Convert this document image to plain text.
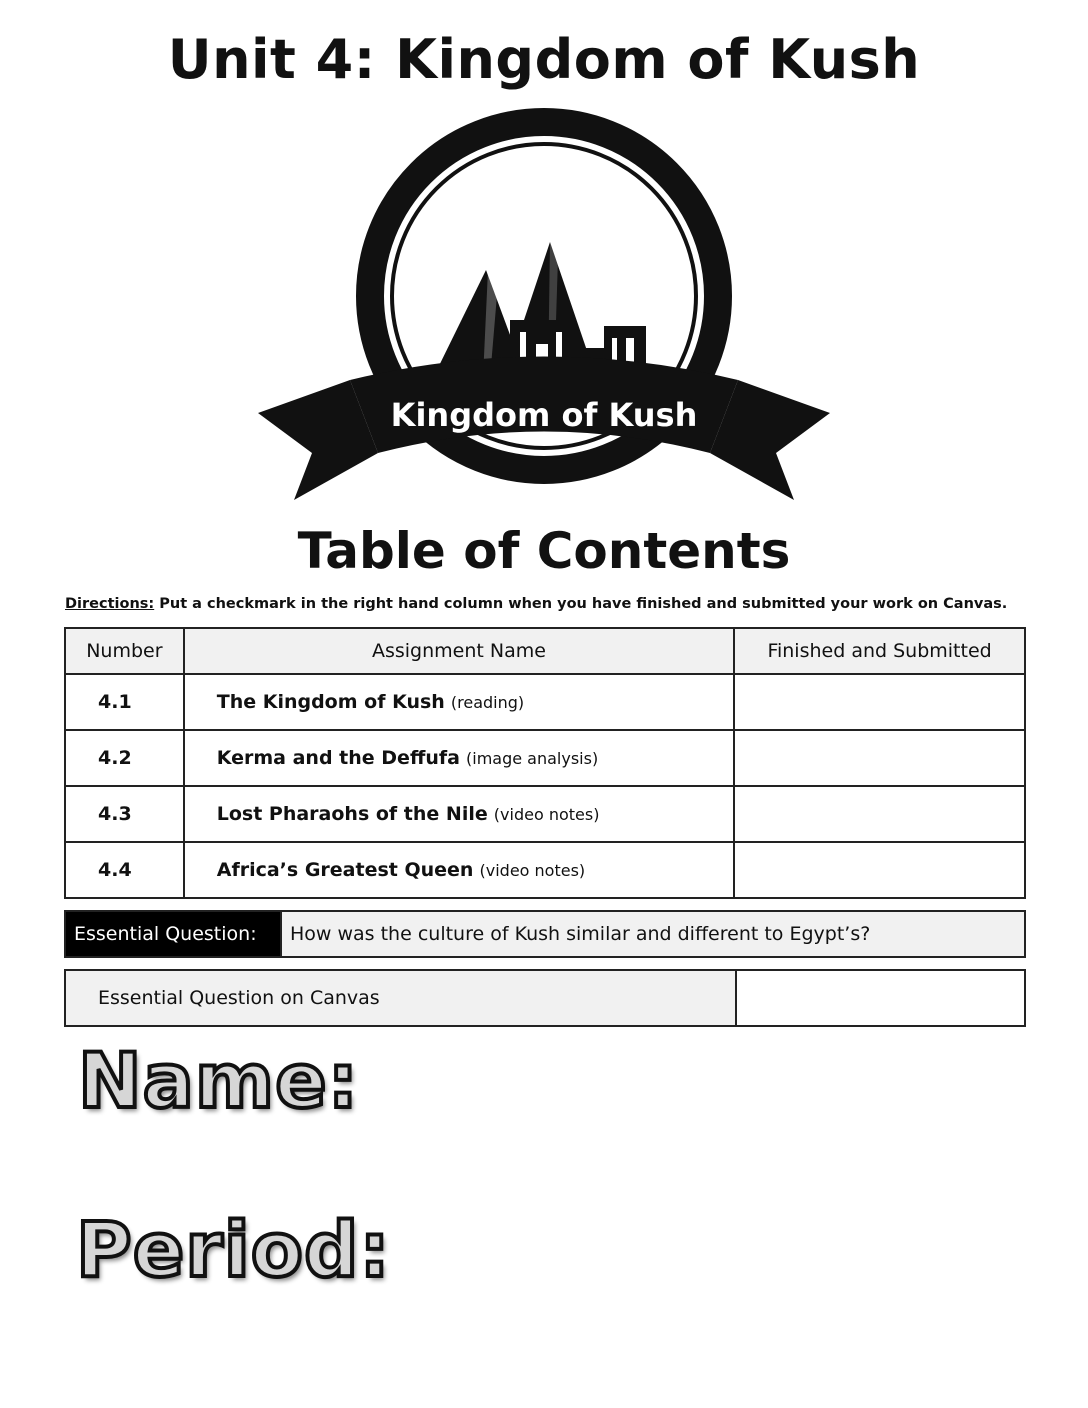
Unit 4: Kingdom of Kush
Kingdom of Kush
Table of Contents
Directions: Put a checkmark in the right hand column when you have finished and submitted your work on Canvas.
Number	Assignment Name	Finished and Submitted
4.1	The Kingdom of Kush (reading)	
4.2	Kerma and the Deffufa (image analysis)	
4.3	Lost Pharaohs of the Nile (video notes)	
4.4	Africa’s Greatest Queen (video notes)	
Essential Question:	How was the culture of Kush similar and different to Egypt’s?
Essential Question on Canvas	
Name:
Period:
